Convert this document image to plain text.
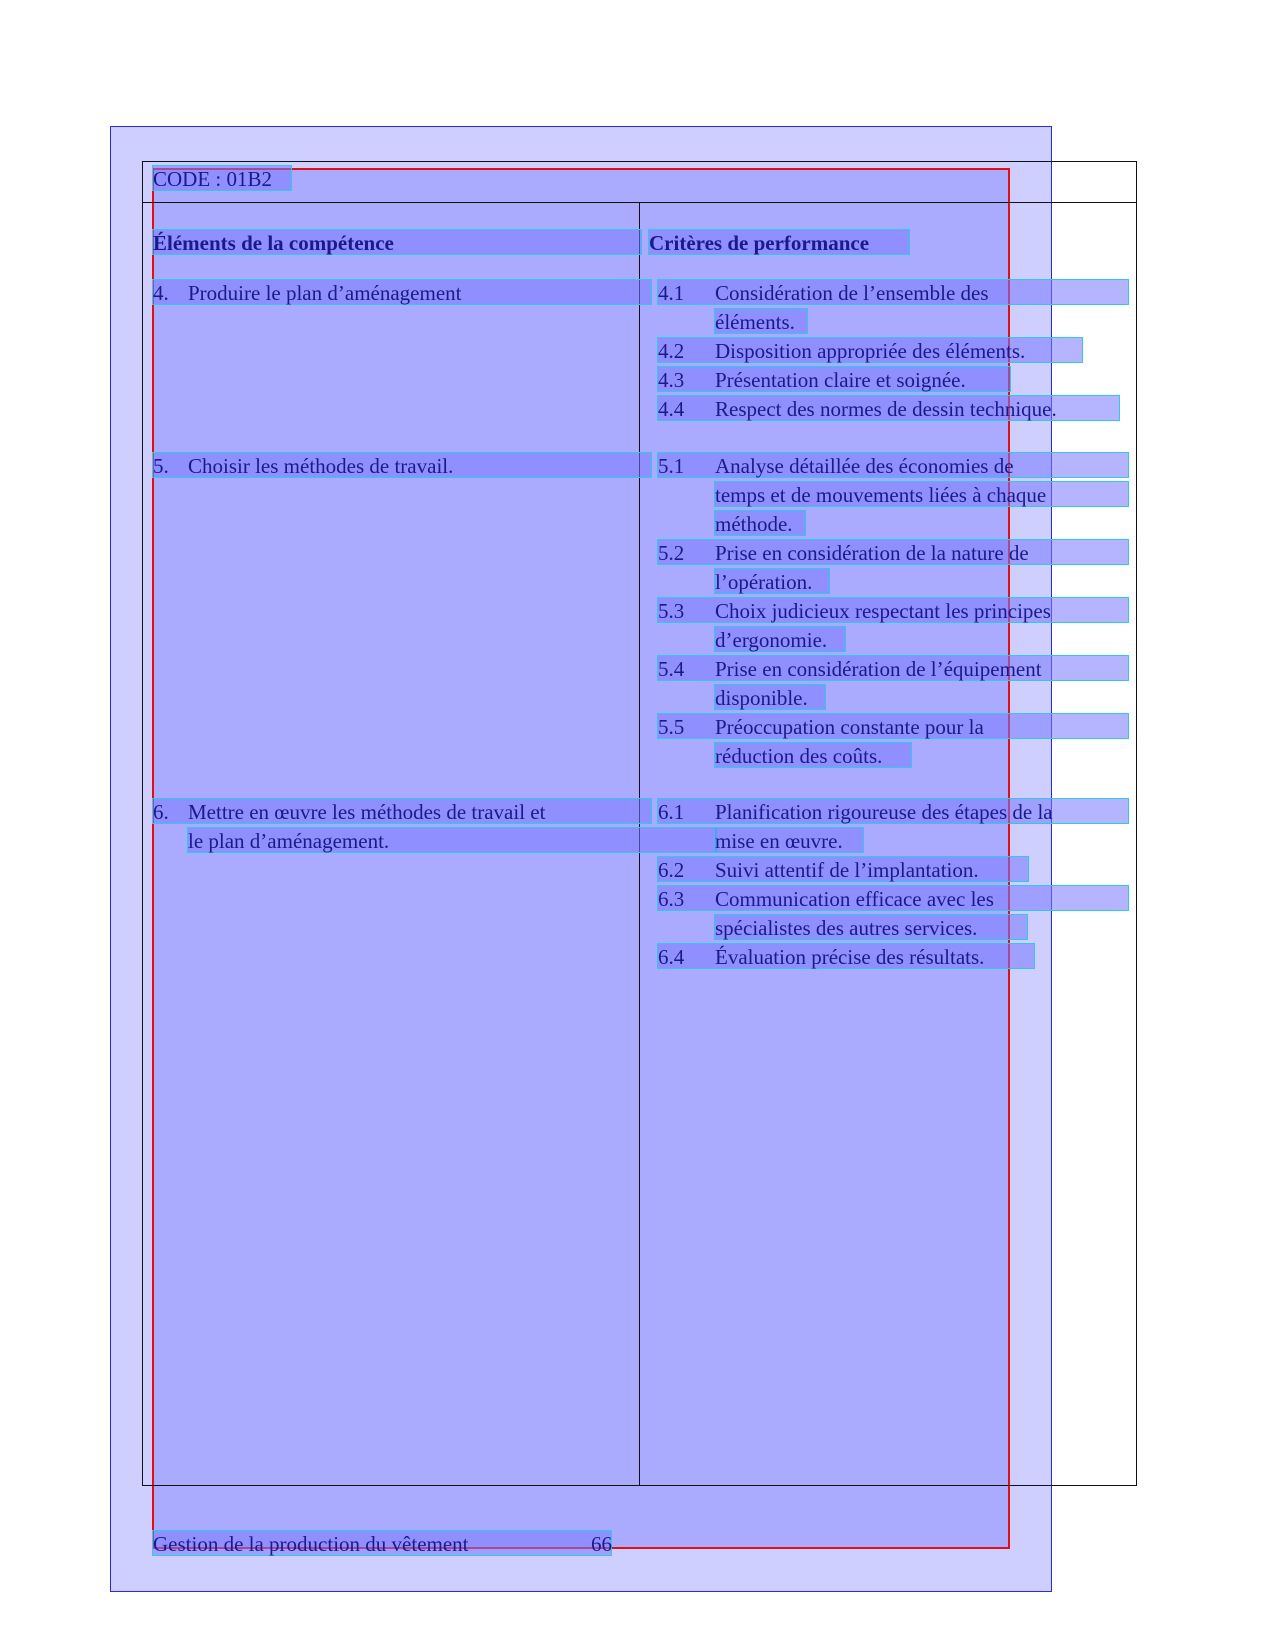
CODE : 01B2
Éléments de la compétence	Critères de performance
4. Produire le plan d’aménagement
5. Choisir les méthodes de travail.
6. Mettre en œuvre les méthodes de travail et
le plan d’aménagement.
4.1 Considération de l’ensemble des
éléments.
4.2 Disposition appropriée des éléments.
4.3 Présentation claire et soignée.
4.4 Respect des normes de dessin technique.
5.1 Analyse détaillée des économies de
temps et de mouvements liées à chaque
méthode.
5.2 Prise en considération de la nature de
l’opération.
5.3 Choix judicieux respectant les principes
d’ergonomie.
5.4 Prise en considération de l’équipement
disponible.
5.5 Préoccupation constante pour la
réduction des coûts.
6.1 Planification rigoureuse des étapes de la
mise en œuvre.
6.2 Suivi attentif de l’implantation.
6.3 Communication efficace avec les
spécialistes des autres services.
6.4 Évaluation précise des résultats.
Gestion de la production du vêtement	66
